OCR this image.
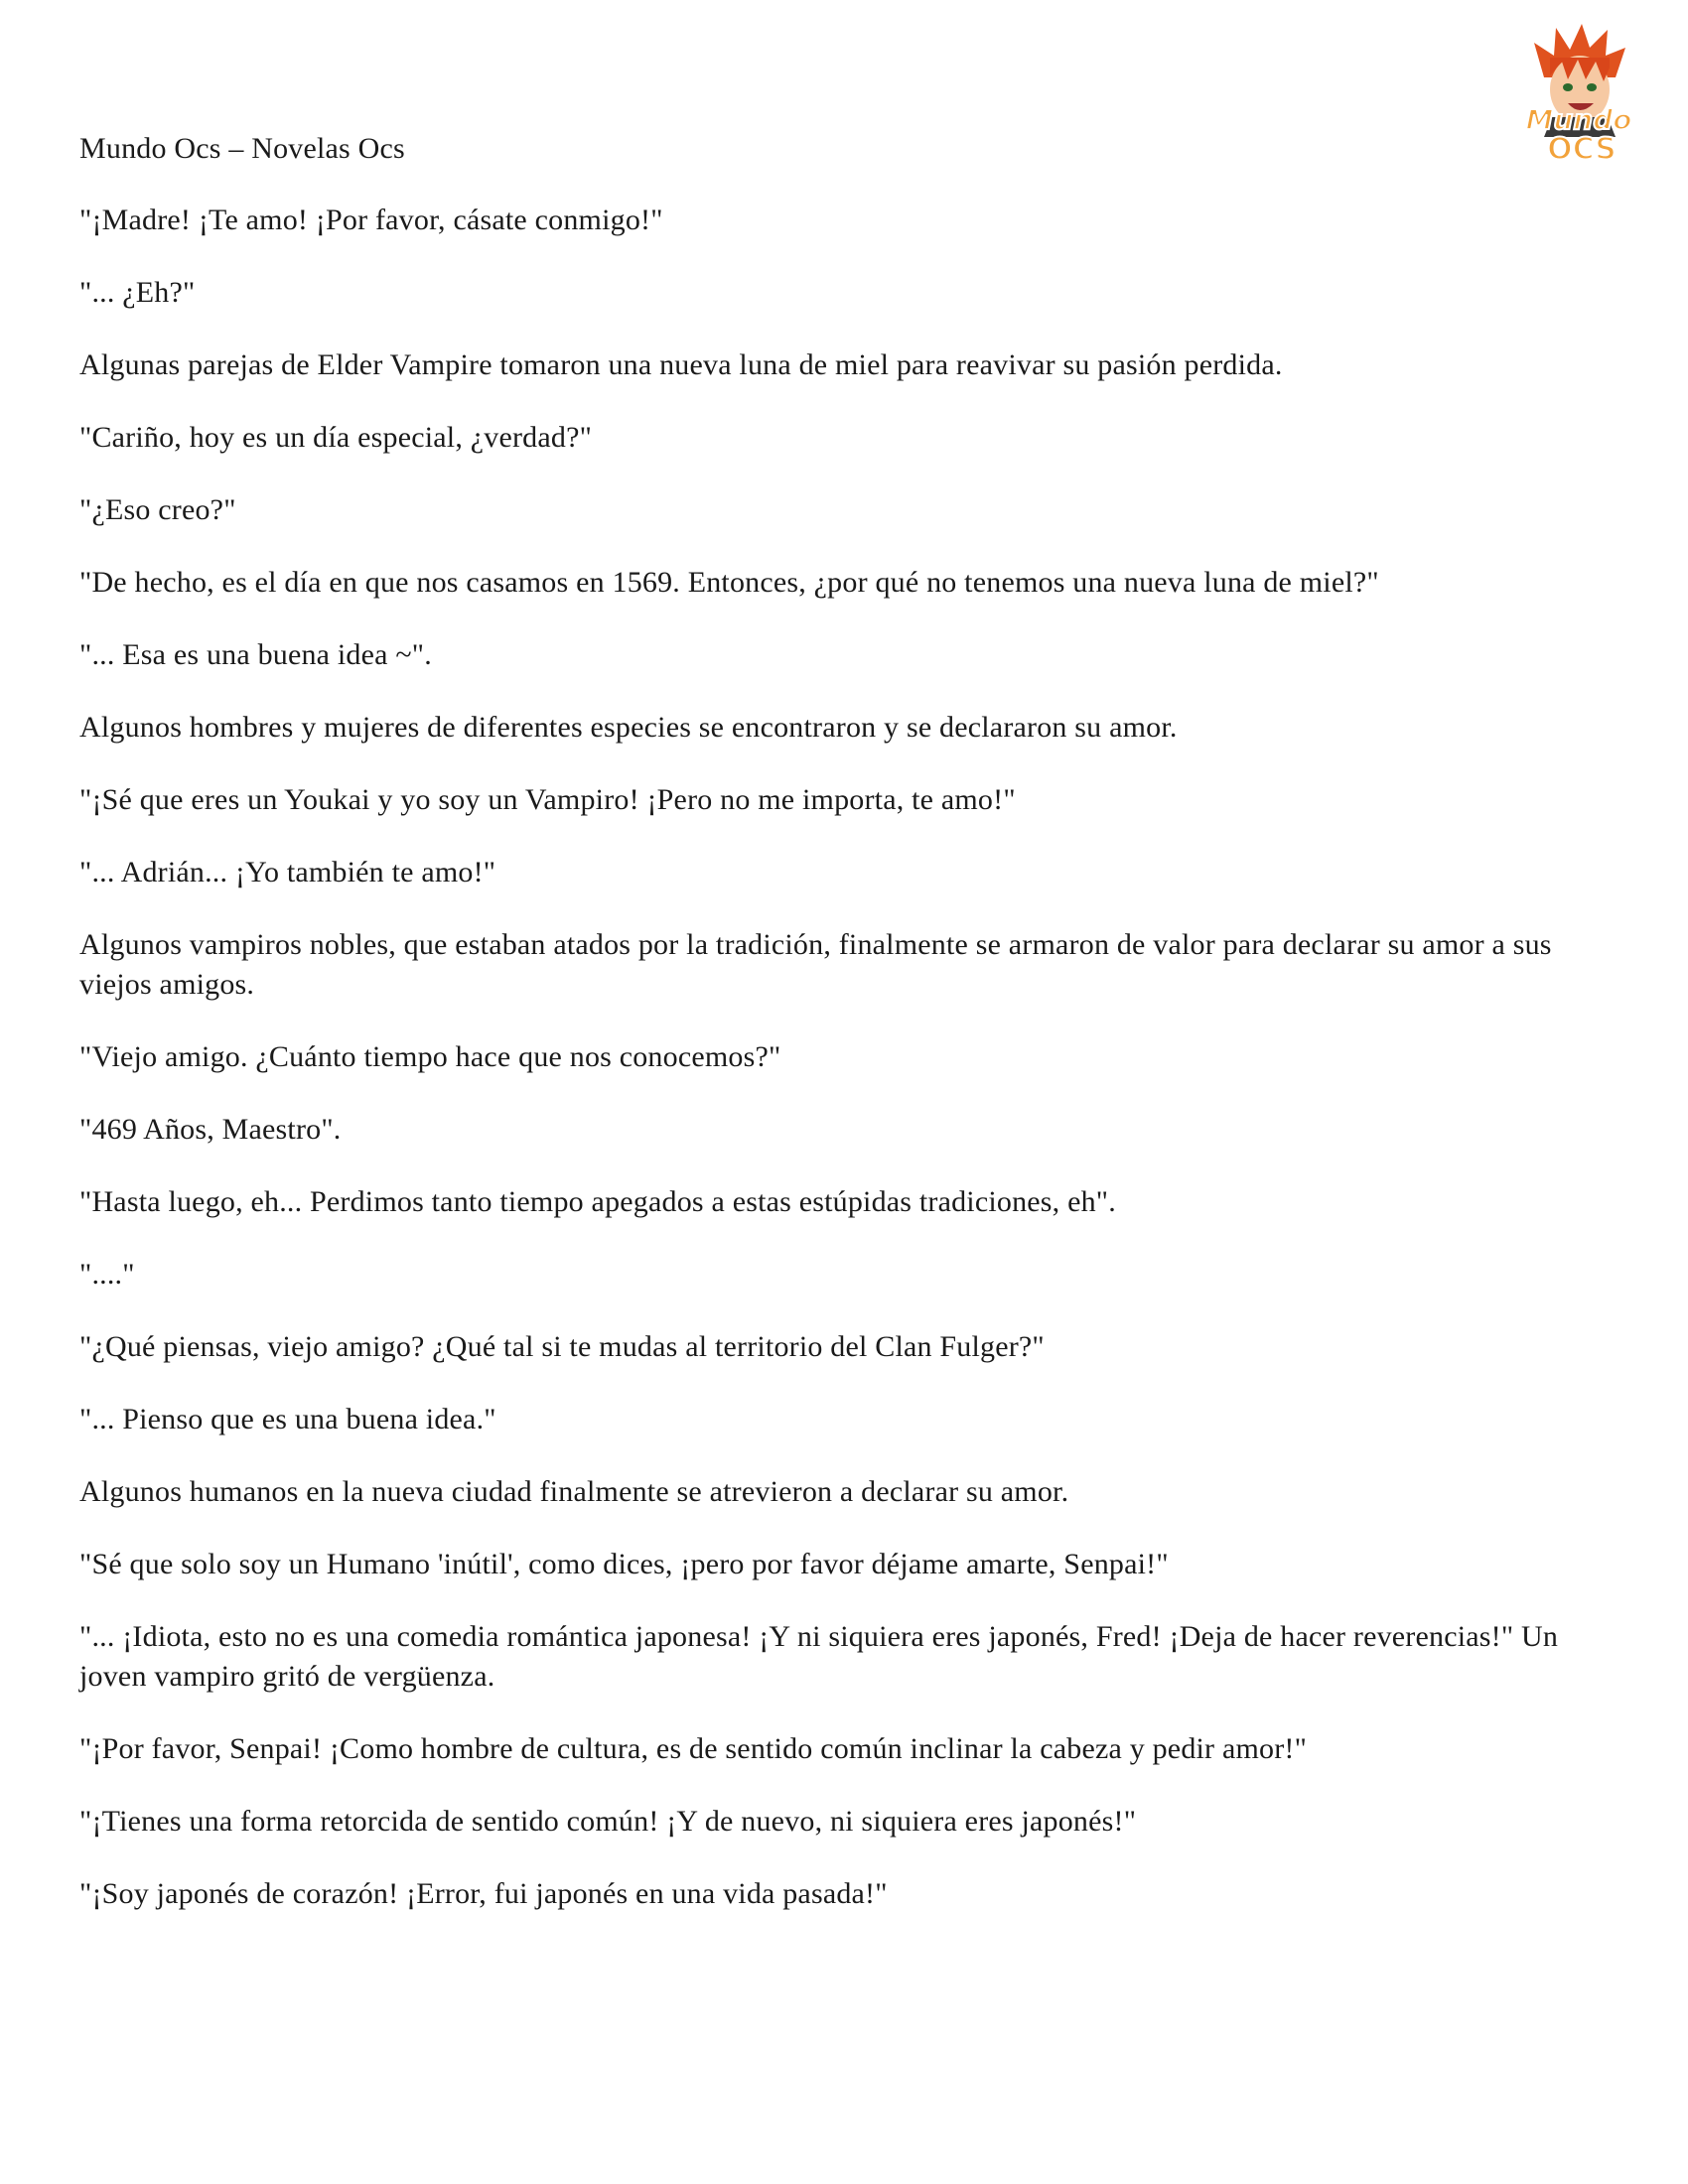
Mundo
OCS
Mundo Ocs – Novelas Ocs

"¡Madre! ¡Te amo! ¡Por favor, cásate conmigo!"

"... ¿Eh?"

Algunas parejas de Elder Vampire tomaron una nueva luna de miel para reavivar su pasión perdida.

"Cariño, hoy es un día especial, ¿verdad?"

"¿Eso creo?"

"De hecho, es el día en que nos casamos en 1569. Entonces, ¿por qué no tenemos una nueva luna de miel?"

"... Esa es una buena idea ~".

Algunos hombres y mujeres de diferentes especies se encontraron y se declararon su amor.

"¡Sé que eres un Youkai y yo soy un Vampiro! ¡Pero no me importa, te amo!"

"... Adrián... ¡Yo también te amo!"

Algunos vampiros nobles, que estaban atados por la tradición, finalmente se armaron de valor para declarar su amor a sus viejos amigos.

"Viejo amigo. ¿Cuánto tiempo hace que nos conocemos?"

"469 Años, Maestro".

"Hasta luego, eh... Perdimos tanto tiempo apegados a estas estúpidas tradiciones, eh".

"...."

"¿Qué piensas, viejo amigo? ¿Qué tal si te mudas al territorio del Clan Fulger?"

"... Pienso que es una buena idea."

Algunos humanos en la nueva ciudad finalmente se atrevieron a declarar su amor.

"Sé que solo soy un Humano 'inútil', como dices, ¡pero por favor déjame amarte, Senpai!"

"... ¡Idiota, esto no es una comedia romántica japonesa! ¡Y ni siquiera eres japonés, Fred! ¡Deja de hacer reverencias!" Un joven vampiro gritó de vergüenza.

"¡Por favor, Senpai! ¡Como hombre de cultura, es de sentido común inclinar la cabeza y pedir amor!"

"¡Tienes una forma retorcida de sentido común! ¡Y de nuevo, ni siquiera eres japonés!"

"¡Soy japonés de corazón! ¡Error, fui japonés en una vida pasada!"
